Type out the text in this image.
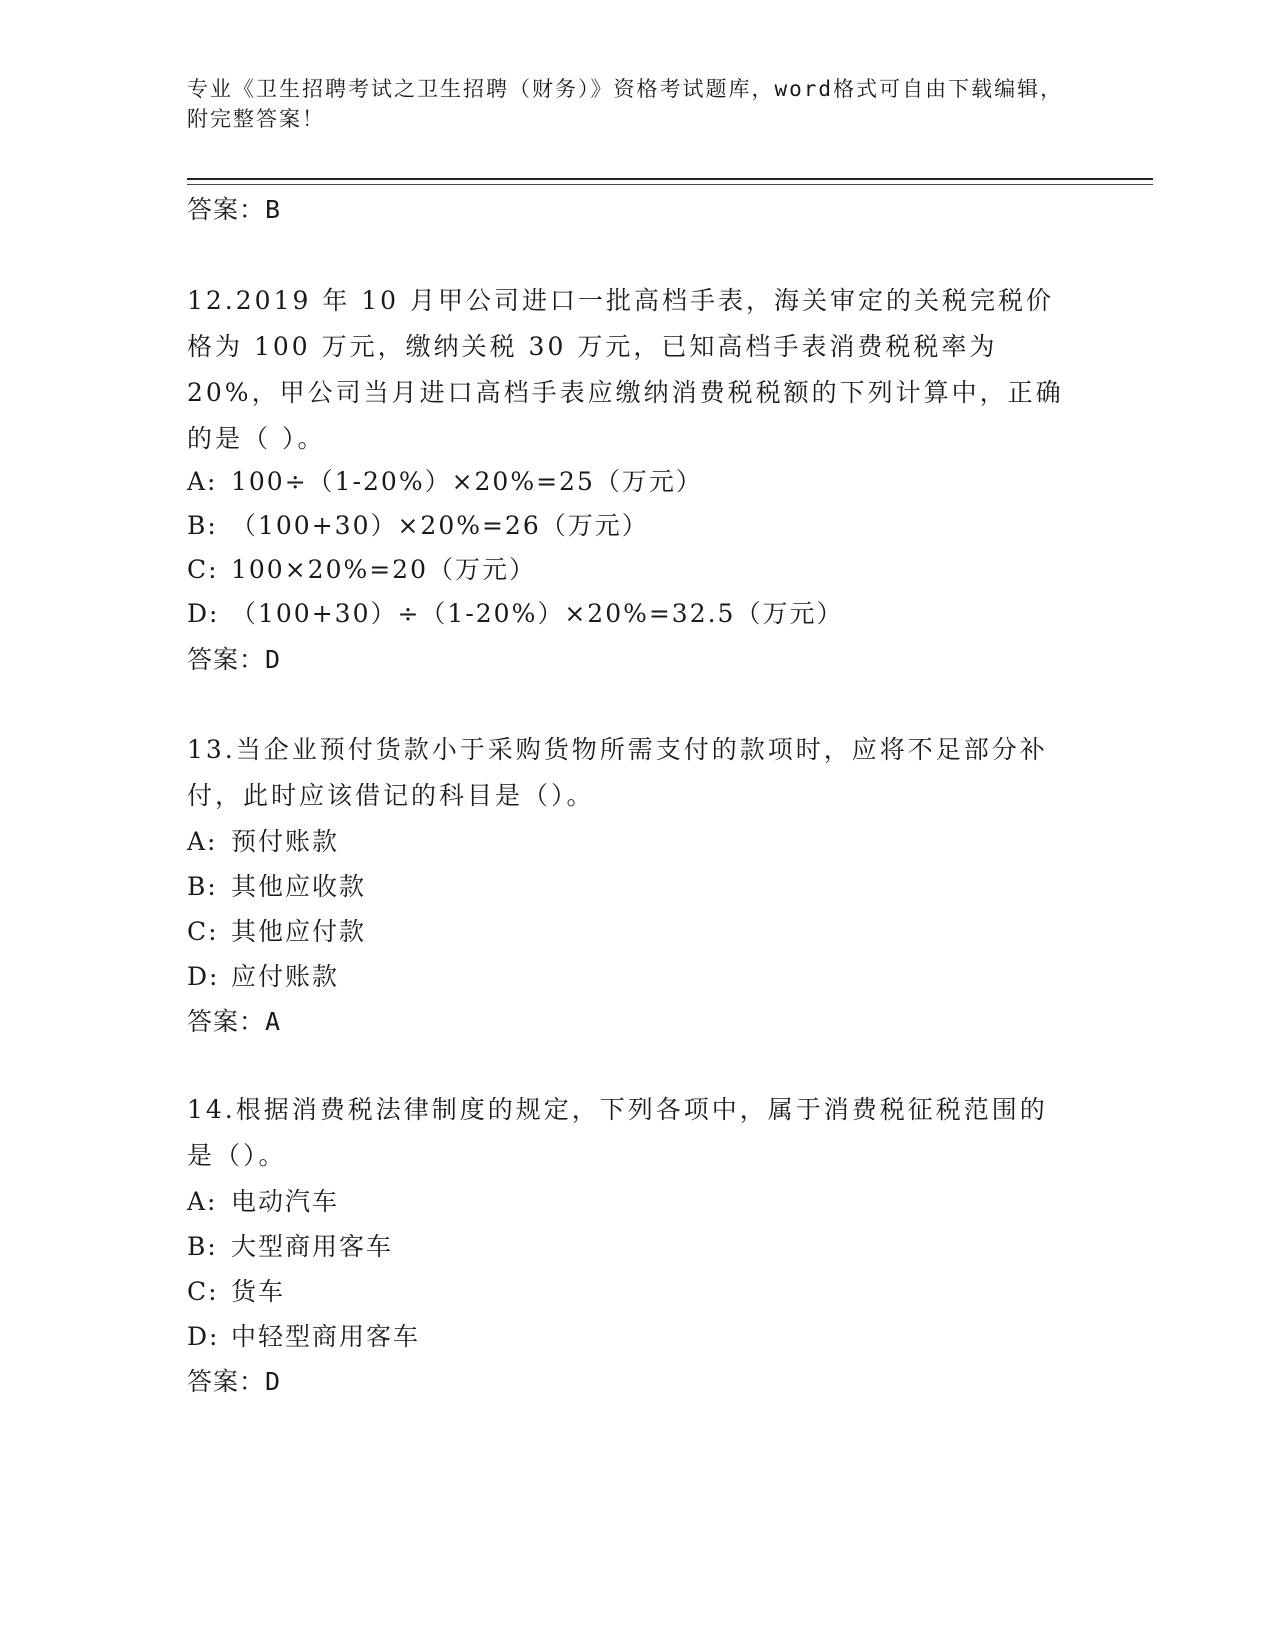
专业《卫生招聘考试之卫生招聘（财务）》资格考试题库，word格式可自由下载编辑，附完整答案！
答案：B
12.2019 年 10 月甲公司进口一批高档手表，海关审定的关税完税价格为 100 万元，缴纳关税 30 万元，已知高档手表消费税税率为 20%，甲公司当月进口高档手表应缴纳消费税税额的下列计算中，正确的是（ ）。
A: 100÷（1-20%）×20%=25（万元）
B: （100+30）×20%=26（万元）
C: 100×20%=20（万元）
D: （100+30）÷（1-20%）×20%=32.5（万元）
答案：D
13.当企业预付货款小于采购货物所需支付的款项时，应将不足部分补付，此时应该借记的科目是（）。
A: 预付账款
B: 其他应收款
C: 其他应付款
D: 应付账款
答案：A
14.根据消费税法律制度的规定，下列各项中，属于消费税征税范围的是（）。
A: 电动汽车
B: 大型商用客车
C: 货车
D: 中轻型商用客车
答案：D
